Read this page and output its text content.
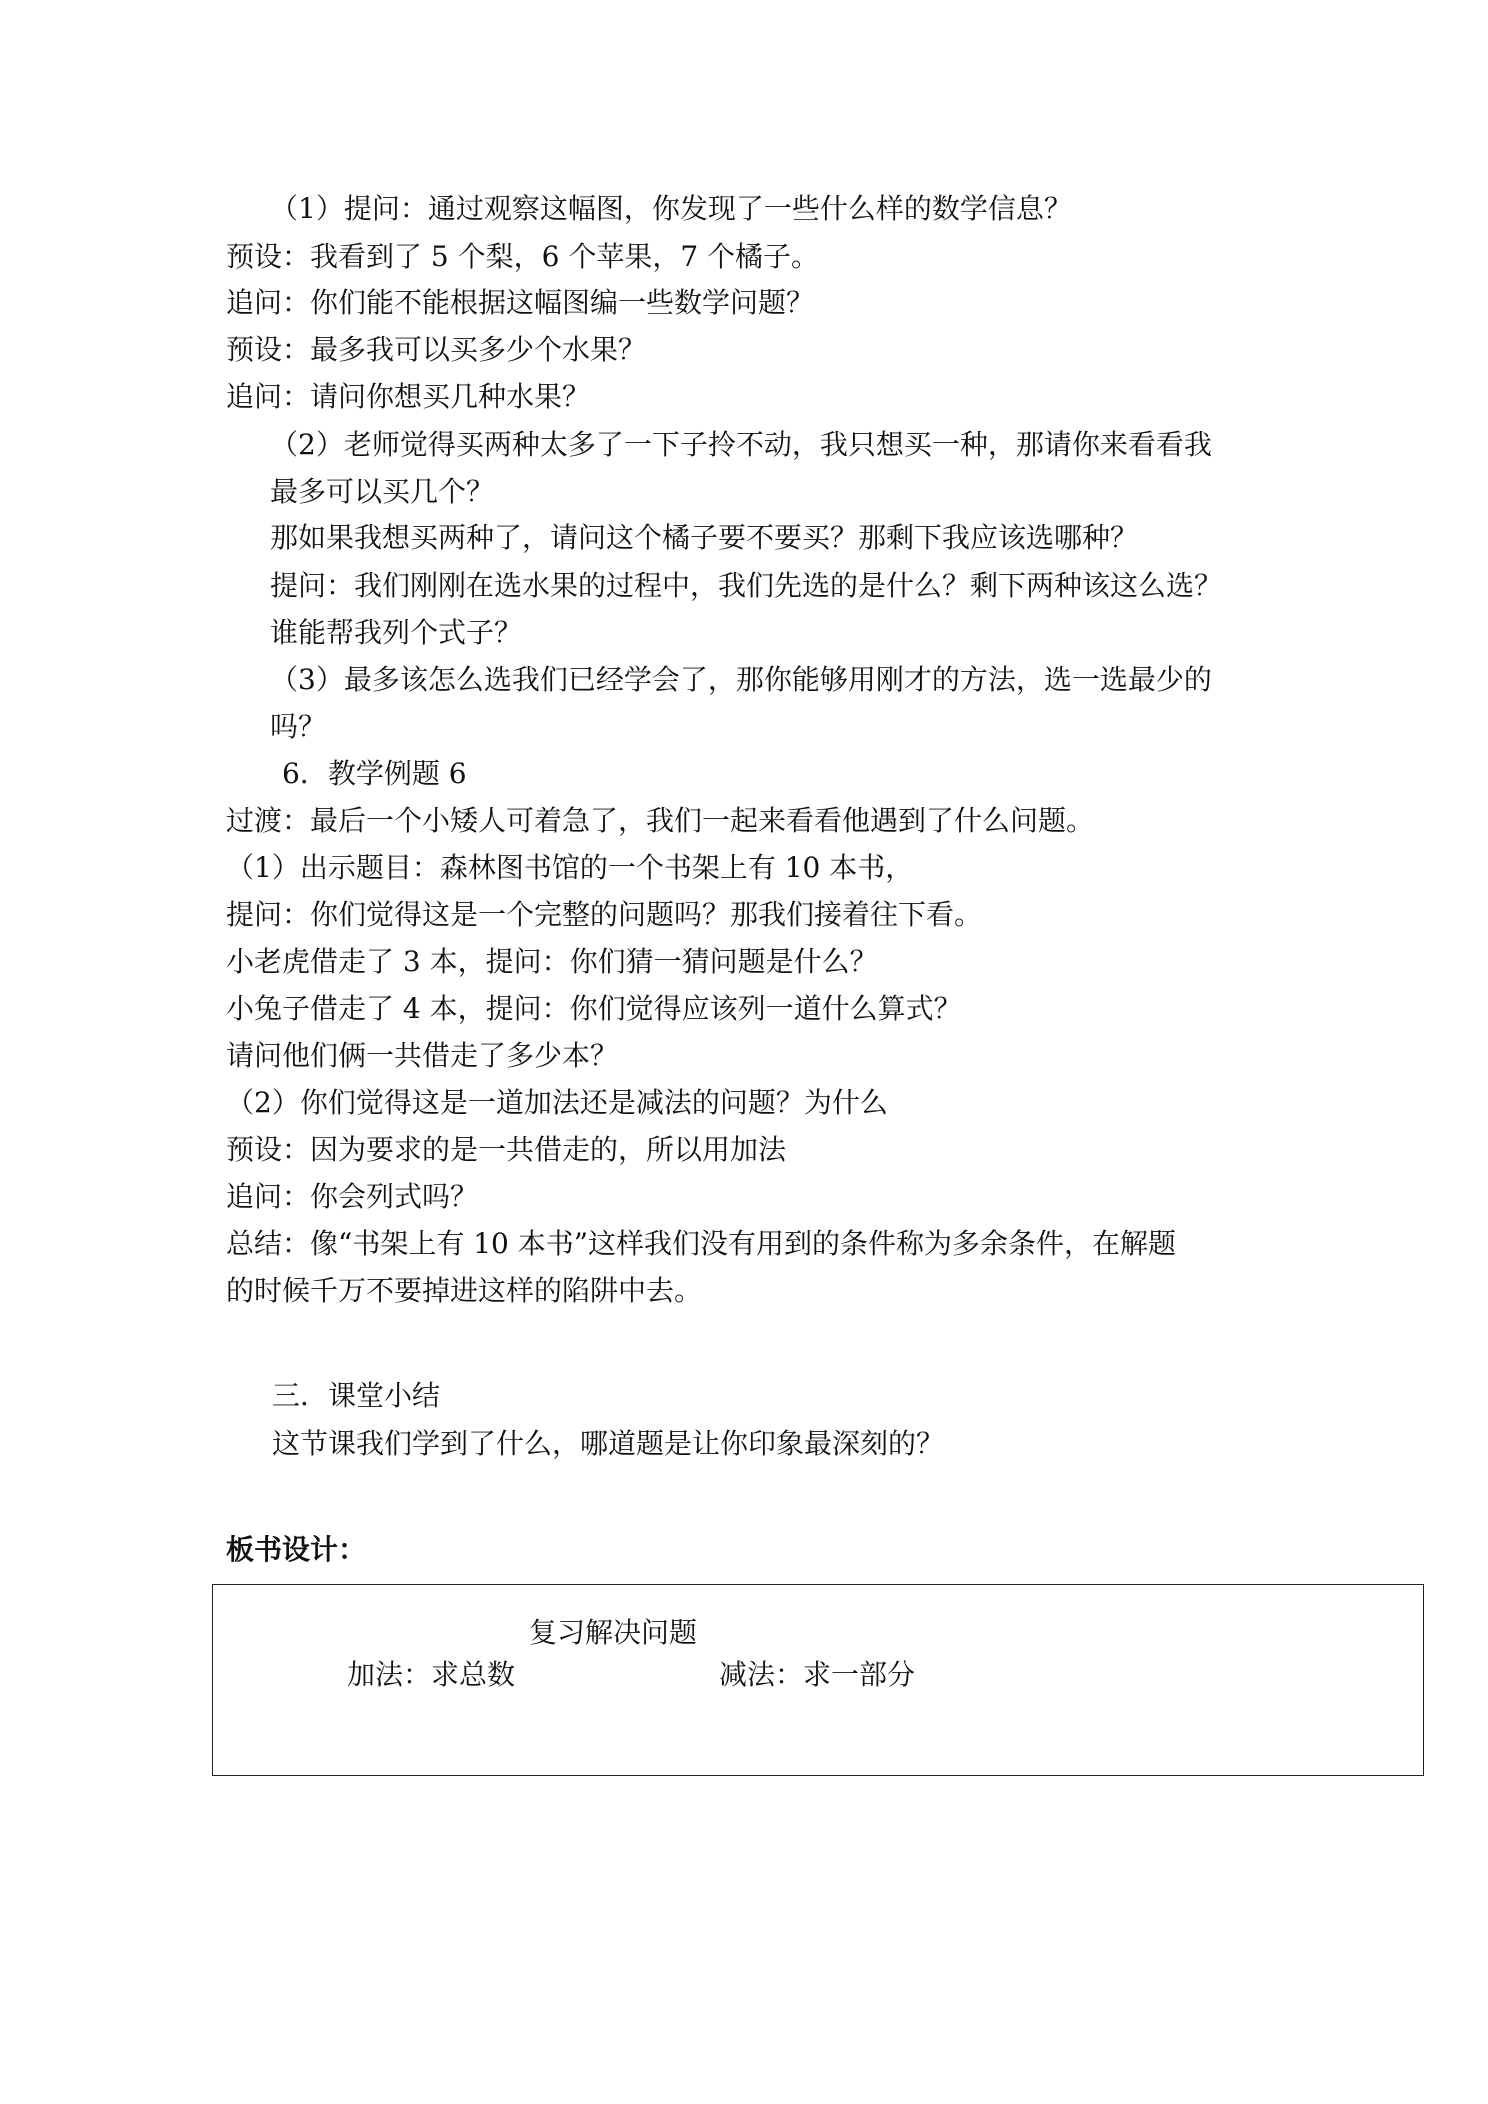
（1）提问：通过观察这幅图，你发现了一些什么样的数学信息？
预设：我看到了 5 个梨，6 个苹果，7 个橘子。
追问：你们能不能根据这幅图编一些数学问题？
预设：最多我可以买多少个水果？
追问：请问你想买几种水果？
（2）老师觉得买两种太多了一下子拎不动，我只想买一种，那请你来看看我
最多可以买几个？
那如果我想买两种了，请问这个橘子要不要买？那剩下我应该选哪种？
提问：我们刚刚在选水果的过程中，我们先选的是什么？剩下两种该这么选？
谁能帮我列个式子？
（3）最多该怎么选我们已经学会了，那你能够用刚才的方法，选一选最少的
吗？
6．教学例题 6
过渡：最后一个小矮人可着急了，我们一起来看看他遇到了什么问题。
（1）出示题目：森林图书馆的一个书架上有 10 本书，
提问：你们觉得这是一个完整的问题吗？那我们接着往下看。
小老虎借走了 3 本，提问：你们猜一猜问题是什么？
小兔子借走了 4 本，提问：你们觉得应该列一道什么算式？
请问他们俩一共借走了多少本？
（2）你们觉得这是一道加法还是减法的问题？为什么
预设：因为要求的是一共借走的，所以用加法
追问：你会列式吗？
总结：像“书架上有 10 本书”这样我们没有用到的条件称为多余条件，在解题
的时候千万不要掉进这样的陷阱中去。
三．课堂小结
这节课我们学到了什么，哪道题是让你印象最深刻的？
板书设计：
复习解决问题
加法：求总数	减法：求一部分
